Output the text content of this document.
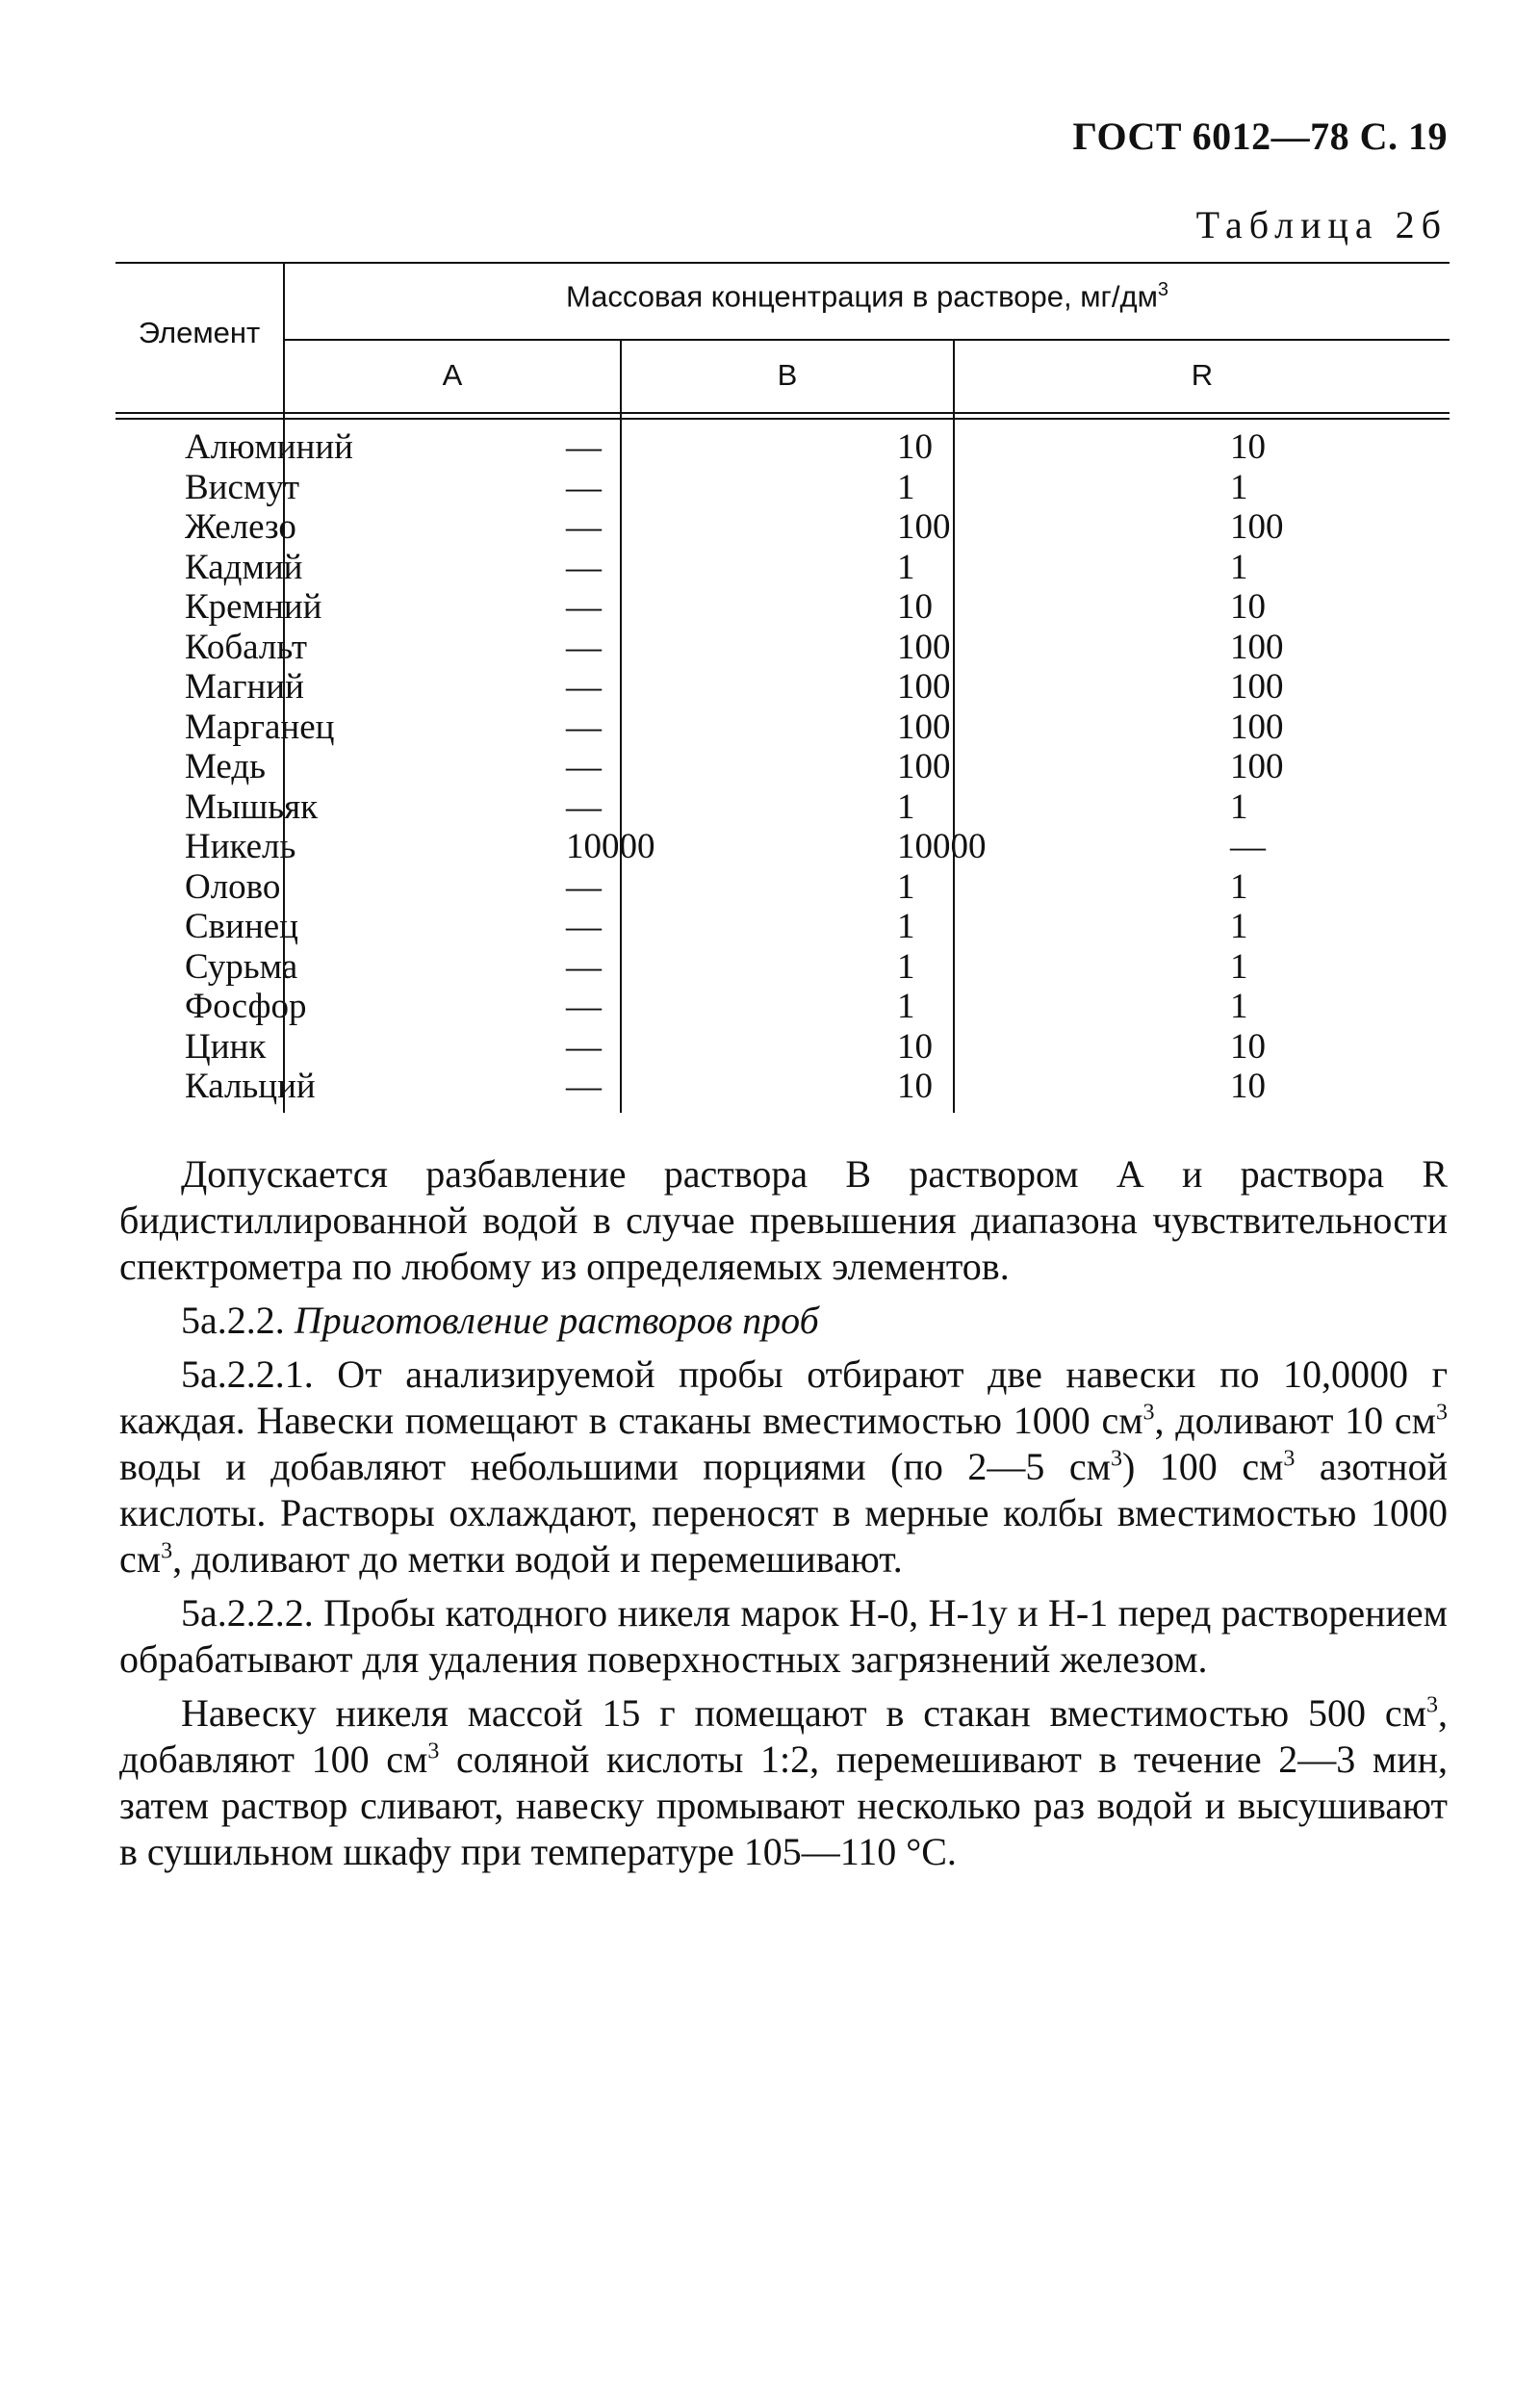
ГОСТ 6012—78 С. 19
Таблица 2б
Элемент
Массовая концентрация в растворе, $мг/дм^3$
A	B	R
Алюминий	—	10	10
Висмут	—	1	1
Железо	—	100	100
Кадмий	—	1	1
Кремний	—	10	10
Кобальт	—	100	100
Магний	—	100	100
Марганец	—	100	100
Медь	—	100	100
Мышьяк	—	1	1
Никель	10000	10000	—
Олово	—	1	1
Свинец	—	1	1
Сурьма	—	1	1
Фосфор	—	1	1
Цинк	—	10	10
Кальций	—	10	10

Допускается разбавление раствора В раствором А и раствора R бидистиллированной водой в случае превышения диапазона чувствительности спектрометра по любому из определяемых элементов.

5а.2.2. Приготовление растворов проб

5а.2.2.1. От анализируемой пробы отбирают две навески по 10,0000 г каждая. Навески помещают в стаканы вместимостью 1000 $см^3$, доливают 10 $см^3$ воды и добавляют небольшими порциями (по 2—5 $см^3$) 100 $см^3$ азотной кислоты. Растворы охлаждают, переносят в мерные колбы вместимостью 1000 $см^3$, доливают до метки водой и перемешивают.

5а.2.2.2. Пробы катодного никеля марок Н-0, Н-1у и Н-1 перед растворением обрабатывают для удаления поверхностных загрязнений железом.

Навеску никеля массой 15 г помещают в стакан вместимостью 500 $см^3$, добавляют 100 $см^3$ соляной кислоты 1:2, перемешивают в течение 2—3 мин, затем раствор сливают, навеску промывают несколько раз водой и высушивают в сушильном шкафу при температуре 105—110 °С.
